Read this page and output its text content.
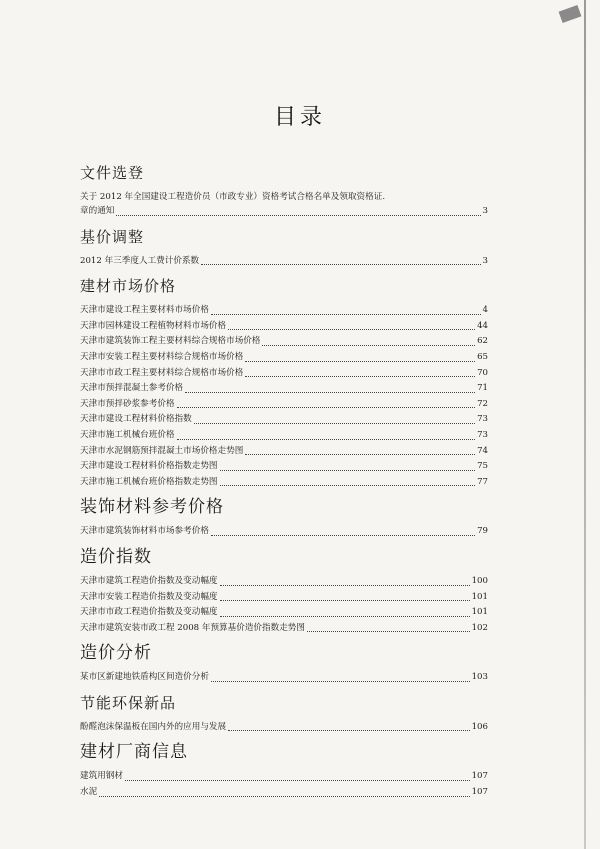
目录
文件选登
关于 2012 年全国建设工程造价员（市政专业）资格考试合格名单及领取资格证.
章的通知	3
基价调整
2012 年三季度人工费计价系数	3
建材市场价格
天津市建设工程主要材料市场价格	4
天津市园林建设工程植物材料市场价格	44
天津市建筑装饰工程主要材料综合规格市场价格	62
天津市安装工程主要材料综合规格市场价格	65
天津市市政工程主要材料综合规格市场价格	70
天津市预拌混凝土参考价格	71
天津市预拌砂浆参考价格	72
天津市建设工程材料价格指数	73
天津市施工机械台班价格	73
天津市水泥钢筋预拌混凝土市场价格走势图	74
天津市建设工程材料价格指数走势图	75
天津市施工机械台班价格指数走势图	77
装饰材料参考价格
天津市建筑装饰材料市场参考价格	79
造价指数
天津市建筑工程造价指数及变动幅度	100
天津市安装工程造价指数及变动幅度	101
天津市市政工程造价指数及变动幅度	101
天津市建筑安装市政工程 2008 年预算基价造价指数走势图	102
造价分析
某市区新建地铁盾构区间造价分析	103
节能环保新品
酚醛泡沫保温板在国内外的应用与发展	106
建材厂商信息
建筑用钢材	107
水泥	107
